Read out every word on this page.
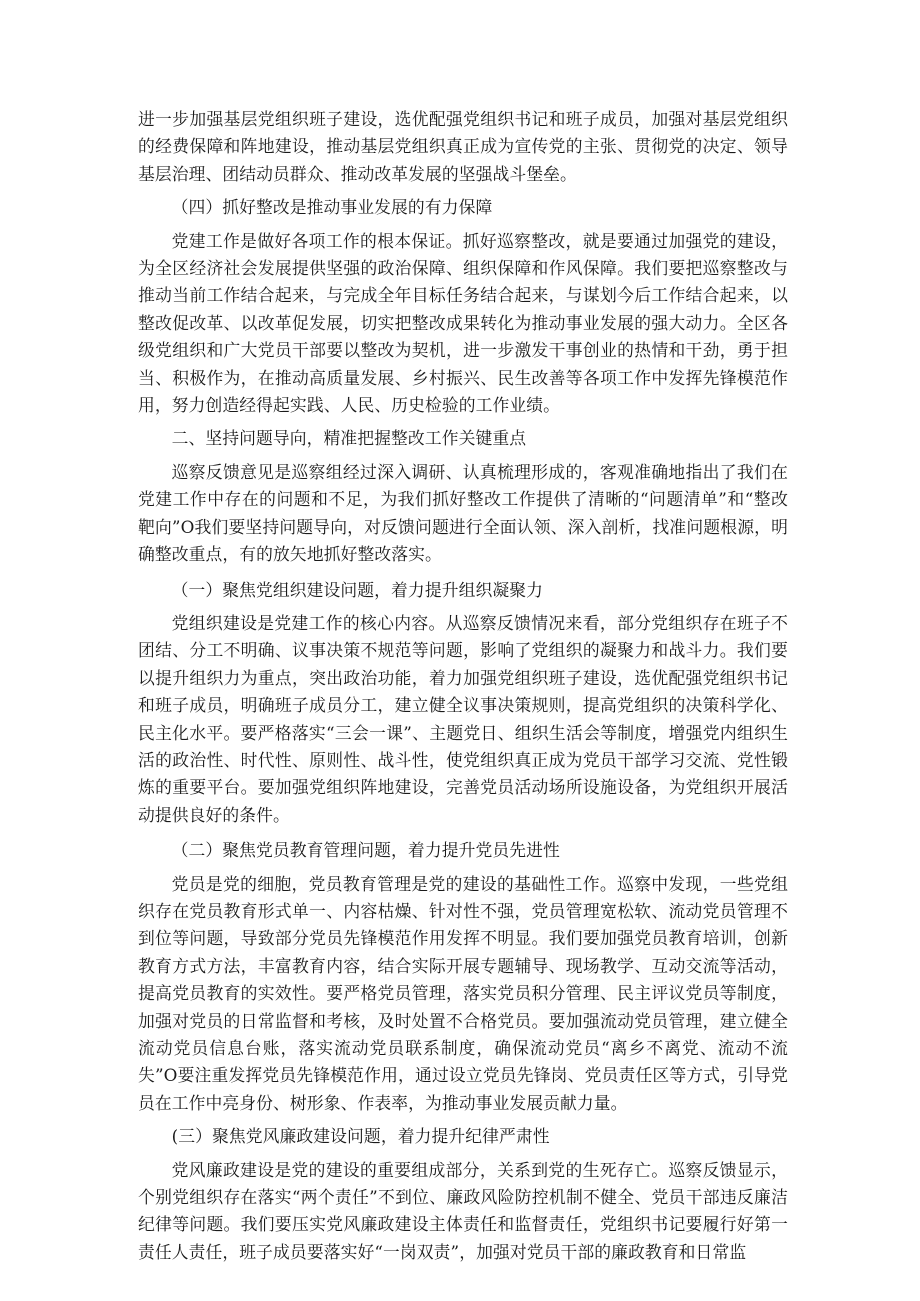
进一步加强基层党组织班子建设，选优配强党组织书记和班子成员，加强对基层党组织的经费保障和阵地建设，推动基层党组织真正成为宣传党的主张、贯彻党的决定、领导基层治理、团结动员群众、推动改革发展的坚强战斗堡垒。

（四）抓好整改是推动事业发展的有力保障

党建工作是做好各项工作的根本保证。抓好巡察整改，就是要通过加强党的建设，为全区经济社会发展提供坚强的政治保障、组织保障和作风保障。我们要把巡察整改与推动当前工作结合起来，与完成全年目标任务结合起来，与谋划今后工作结合起来，以整改促改革、以改革促发展，切实把整改成果转化为推动事业发展的强大动力。全区各级党组织和广大党员干部要以整改为契机，进一步激发干事创业的热情和干劲，勇于担当、积极作为，在推动高质量发展、乡村振兴、民生改善等各项工作中发挥先锋模范作用，努力创造经得起实践、人民、历史检验的工作业绩。

二、坚持问题导向，精准把握整改工作关键重点

巡察反馈意见是巡察组经过深入调研、认真梳理形成的，客观准确地指出了我们在党建工作中存在的问题和不足，为我们抓好整改工作提供了清晰的“问题清单”和“整改靶向”O我们要坚持问题导向，对反馈问题进行全面认领、深入剖析，找准问题根源，明确整改重点，有的放矢地抓好整改落实。

（一）聚焦党组织建设问题，着力提升组织凝聚力

党组织建设是党建工作的核心内容。从巡察反馈情况来看，部分党组织存在班子不团结、分工不明确、议事决策不规范等问题，影响了党组织的凝聚力和战斗力。我们要以提升组织力为重点，突出政治功能，着力加强党组织班子建设，选优配强党组织书记和班子成员，明确班子成员分工，建立健全议事决策规则，提高党组织的决策科学化、民主化水平。要严格落实“三会一课”、主题党日、组织生活会等制度，增强党内组织生活的政治性、时代性、原则性、战斗性，使党组织真正成为党员干部学习交流、党性锻炼的重要平台。要加强党组织阵地建设，完善党员活动场所设施设备，为党组织开展活动提供良好的条件。

（二）聚焦党员教育管理问题，着力提升党员先进性

党员是党的细胞，党员教育管理是党的建设的基础性工作。巡察中发现，一些党组织存在党员教育形式单一、内容枯燥、针对性不强，党员管理宽松软、流动党员管理不到位等问题，导致部分党员先锋模范作用发挥不明显。我们要加强党员教育培训，创新教育方式方法，丰富教育内容，结合实际开展专题辅导、现场教学、互动交流等活动，提高党员教育的实效性。要严格党员管理，落实党员积分管理、民主评议党员等制度，加强对党员的日常监督和考核，及时处置不合格党员。要加强流动党员管理，建立健全流动党员信息台账，落实流动党员联系制度，确保流动党员“离乡不离党、流动不流失”O要注重发挥党员先锋模范作用，通过设立党员先锋岗、党员责任区等方式，引导党员在工作中亮身份、树形象、作表率，为推动事业发展贡献力量。

(三）聚焦党风廉政建设问题，着力提升纪律严肃性

党风廉政建设是党的建设的重要组成部分，关系到党的生死存亡。巡察反馈显示，个别党组织存在落实“两个责任”不到位、廉政风险防控机制不健全、党员干部违反廉洁纪律等问题。我们要压实党风廉政建设主体责任和监督责任，党组织书记要履行好第一责任人责任，班子成员要落实好“一岗双责”，加强对党员干部的廉政教育和日常监
